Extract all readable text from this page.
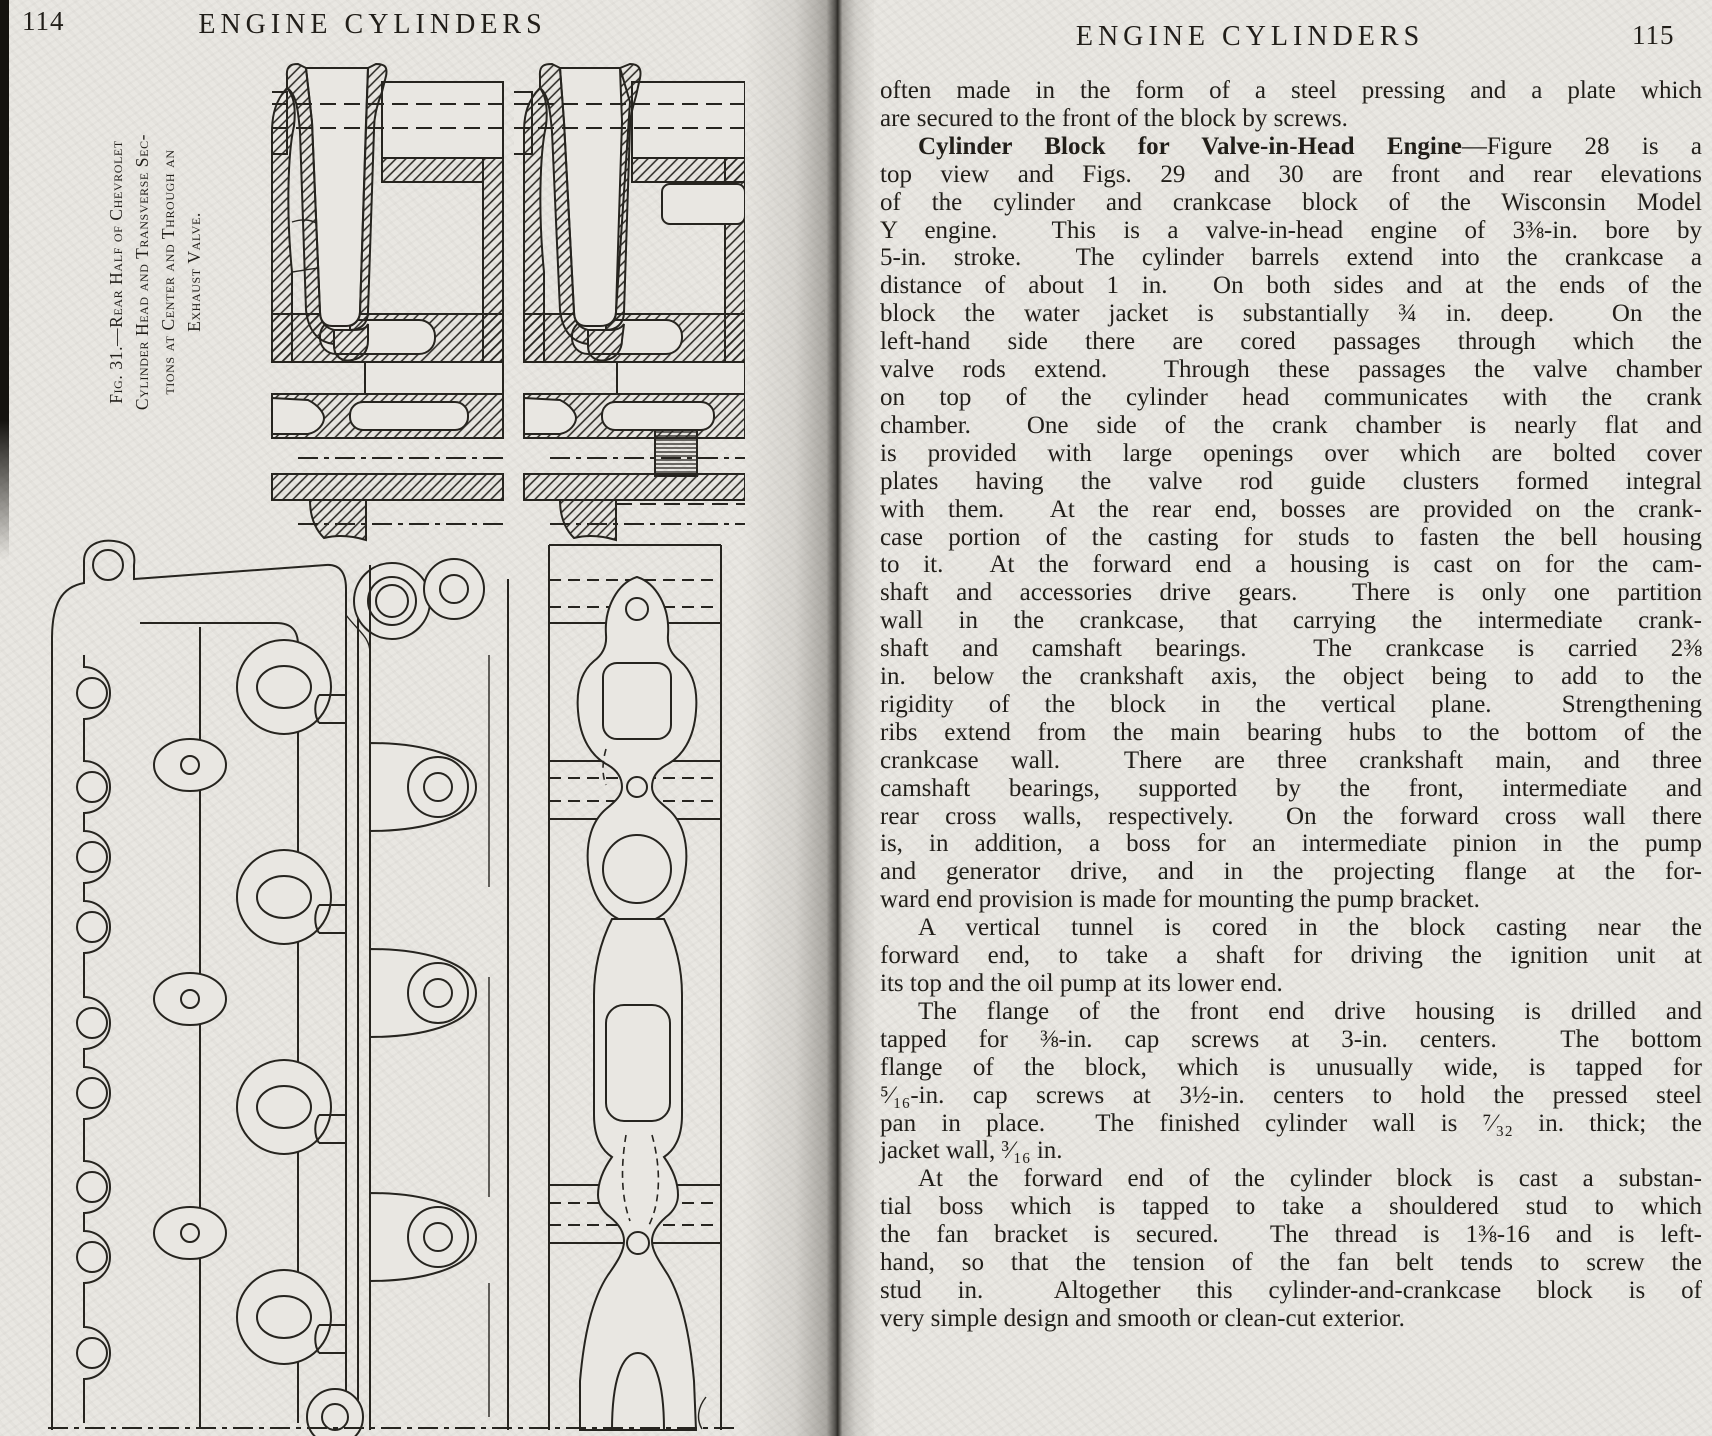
114	ENGINE CYLINDERS
Fig. 31.—Rear Half of Chevrolet Cylinder Head and Transverse Sec- tions at Center and Through an Exhaust Valve.
ENGINE CYLINDERS	115
often made in the form of a steel pressing and a plate which
are secured to the front of the block by screws.
Cylinder Block for Valve-in-Head Engine—Figure 28 is a
top view and Figs. 29 and 30 are front and rear elevations
of the cylinder and crankcase block of the Wisconsin Model
Y engine.  This is a valve-in-head engine of 3⅜-in. bore by
5-in. stroke.  The cylinder barrels extend into the crankcase a
distance of about 1 in.  On both sides and at the ends of the
block the water jacket is substantially ¾ in. deep.  On the
left-hand side there are cored passages through which the
valve rods extend.  Through these passages the valve chamber
on top of the cylinder head communicates with the crank
chamber.  One side of the crank chamber is nearly flat and
is provided with large openings over which are bolted cover
plates having the valve rod guide clusters formed integral
with them.  At the rear end, bosses are provided on the crank-
case portion of the casting for studs to fasten the bell housing
to it.  At the forward end a housing is cast on for the cam-
shaft and accessories drive gears.  There is only one partition
wall in the crankcase, that carrying the intermediate crank-
shaft and camshaft bearings.  The crankcase is carried 2⅜
in. below the crankshaft axis, the object being to add to the
rigidity of the block in the vertical plane.  Strengthening
ribs extend from the main bearing hubs to the bottom of the
crankcase wall.  There are three crankshaft main, and three
camshaft bearings, supported by the front, intermediate and
rear cross walls, respectively.  On the forward cross wall there
is, in addition, a boss for an intermediate pinion in the pump
and generator drive, and in the projecting flange at the for-
ward end provision is made for mounting the pump bracket.
A vertical tunnel is cored in the block casting near the
forward end, to take a shaft for driving the ignition unit at
its top and the oil pump at its lower end.
The flange of the front end drive housing is drilled and
tapped for ⅜-in. cap screws at 3-in. centers.  The bottom
flange of the block, which is unusually wide, is tapped for
⁵⁄₁₆-in. cap screws at 3½-in. centers to hold the pressed steel
pan in place.  The finished cylinder wall is ⁷⁄₃₂ in. thick; the
jacket wall, ³⁄₁₆ in.
At the forward end of the cylinder block is cast a substan-
tial boss which is tapped to take a shouldered stud to which
the fan bracket is secured.  The thread is 1⅜-16 and is left-
hand, so that the tension of the fan belt tends to screw the
stud in.  Altogether this cylinder-and-crankcase block is of
very simple design and smooth or clean-cut exterior.
